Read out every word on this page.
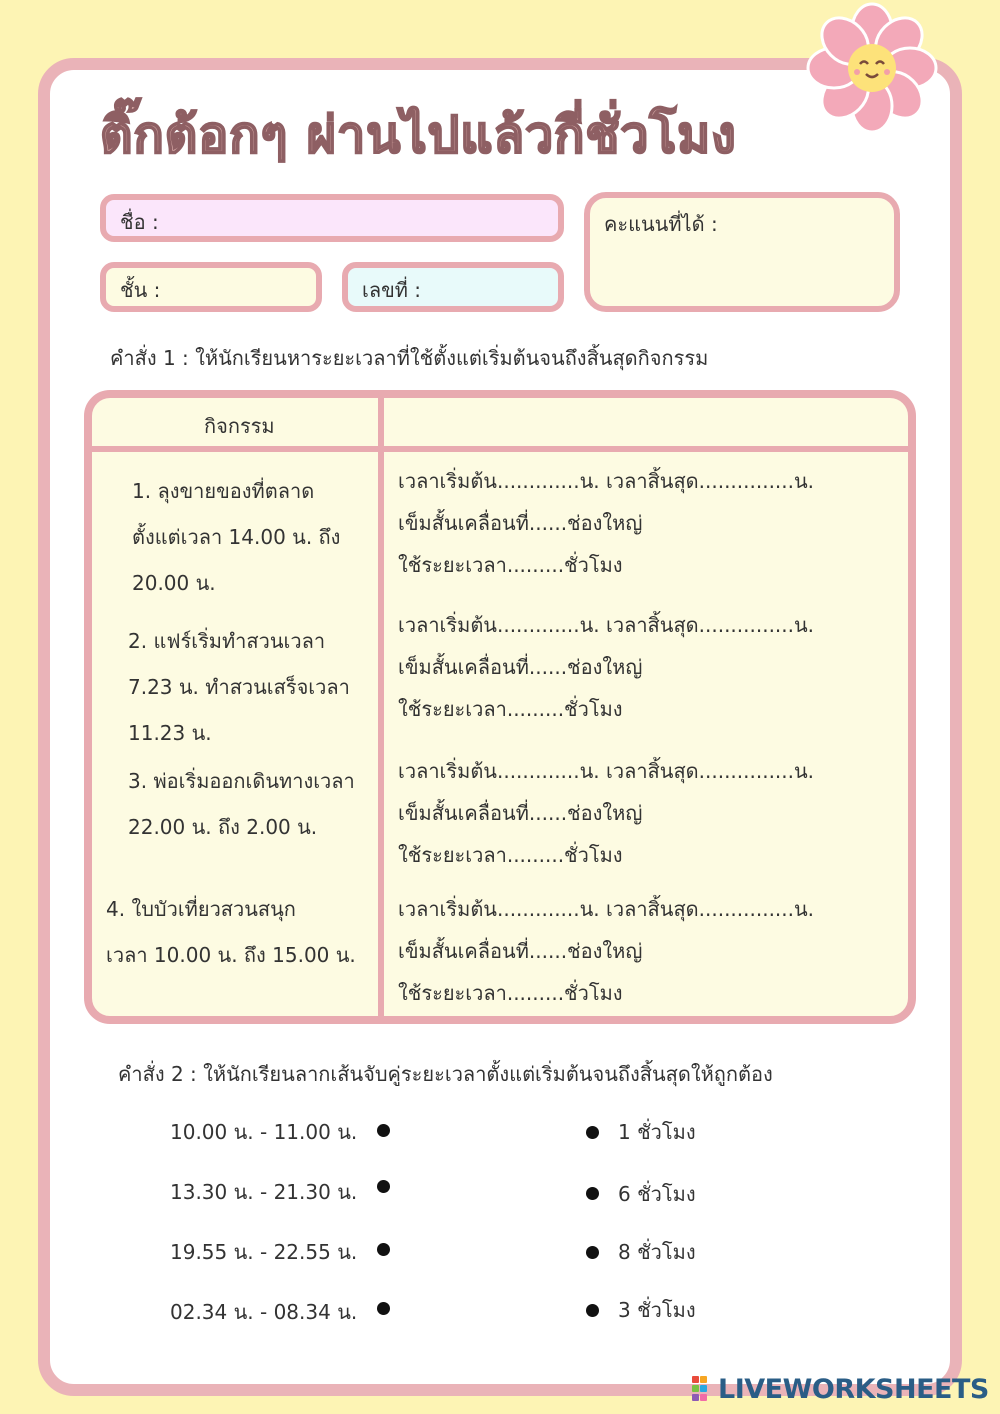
ติ๊กต้อกๆ ผ่านไปแล้วกี่ชั่วโมง
ชื่อ :
ชั้น :	เลขที่ :
คะแนนที่ได้ :
คำสั่ง 1 : ให้นักเรียนหาระยะเวลาที่ใช้ตั้งแต่เริ่มต้นจนถึงสิ้นสุดกิจกรรม
กิจกรรม
1. ลุงขายของที่ตลาด
ตั้งแต่เวลา 14.00 น. ถึง
20.00 น.
2. แฟร์เริ่มทำสวนเวลา
7.23 น. ทำสวนเสร็จเวลา
11.23 น.
3. พ่อเริ่มออกเดินทางเวลา
22.00 น. ถึง 2.00 น.
4. ใบบัวเที่ยวสวนสนุก
เวลา 10.00 น. ถึง 15.00 น.
เวลาเริ่มต้น.............น. เวลาสิ้นสุด...............น.
เข็มสั้นเคลื่อนที่......ช่องใหญ่
ใช้ระยะเวลา.........ชั่วโมง
เวลาเริ่มต้น.............น. เวลาสิ้นสุด...............น.
เข็มสั้นเคลื่อนที่......ช่องใหญ่
ใช้ระยะเวลา.........ชั่วโมง
เวลาเริ่มต้น.............น. เวลาสิ้นสุด...............น.
เข็มสั้นเคลื่อนที่......ช่องใหญ่
ใช้ระยะเวลา.........ชั่วโมง
เวลาเริ่มต้น.............น. เวลาสิ้นสุด...............น.
เข็มสั้นเคลื่อนที่......ช่องใหญ่
ใช้ระยะเวลา.........ชั่วโมง
คำสั่ง 2 : ให้นักเรียนลากเส้นจับคู่ระยะเวลาตั้งแต่เริ่มต้นจนถึงสิ้นสุดให้ถูกต้อง
10.00 น. - 11.00 น.
13.30 น. - 21.30 น.
19.55 น. - 22.55 น.
02.34 น. - 08.34 น.
1 ชั่วโมง
6 ชั่วโมง
8 ชั่วโมง
3 ชั่วโมง
LIVEWORKSHEETS
